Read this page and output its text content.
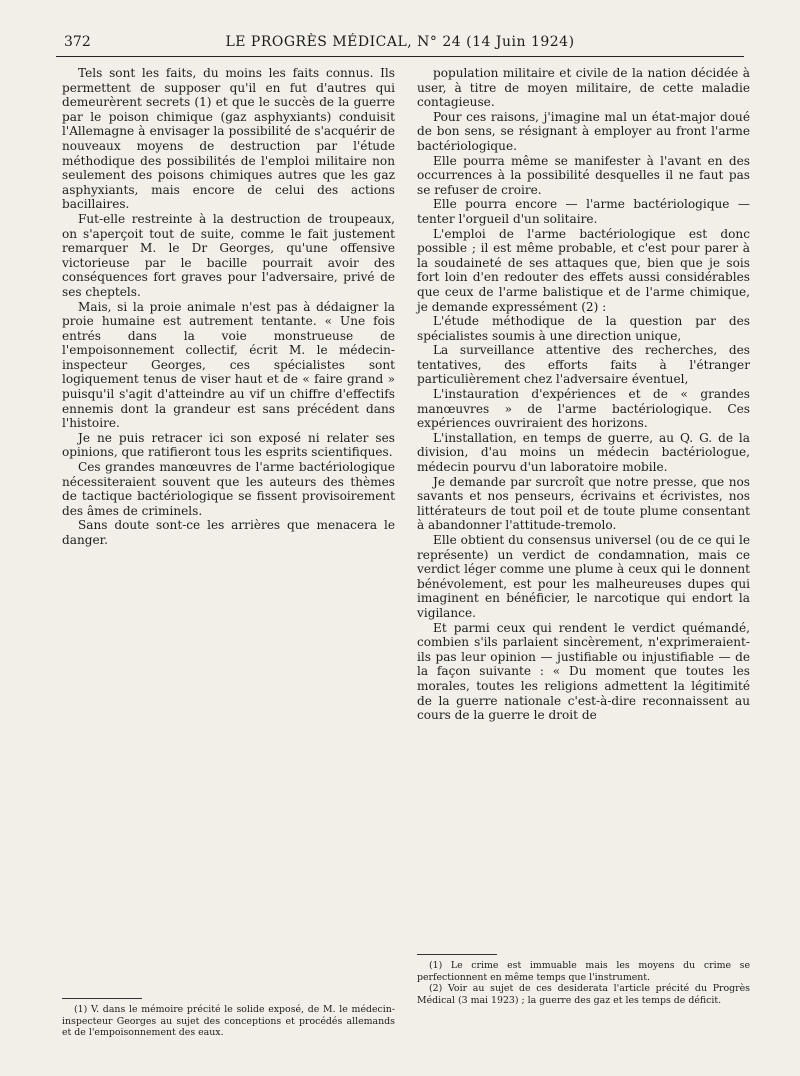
372	LE PROGRÈS MÉDICAL, N° 24 (14 Juin 1924)

Tels sont les faits, du moins les faits connus. Ils permettent de supposer qu'il en fut d'autres qui demeurèrent secrets (1) et que le succès de la guerre par le poison chimique (gaz asphyxiants) conduisit l'Allemagne à envisager la possibilité de s'acquérir de nouveaux moyens de destruction par l'étude méthodique des possibilités de l'emploi militaire non seulement des poisons chimiques autres que les gaz asphyxiants, mais encore de celui des actions bacillaires.

Fut-elle restreinte à la destruction de troupeaux, on s'aperçoit tout de suite, comme le fait justement remarquer M. le Dr Georges, qu'une offensive victorieuse par le bacille pourrait avoir des conséquences fort graves pour l'adversaire, privé de ses cheptels.

Mais, si la proie animale n'est pas à dédaigner la proie humaine est autrement tentante. « Une fois entrés dans la voie monstrueuse de l'empoisonnement collectif, écrit M. le médecin-inspecteur Georges, ces spécialistes sont logiquement tenus de viser haut et de « faire grand » puisqu'il s'agit d'atteindre au vif un chiffre d'effectifs ennemis dont la grandeur est sans précédent dans l'histoire.

Je ne puis retracer ici son exposé ni relater ses opinions, que ratifieront tous les esprits scientifiques.

Ces grandes manœuvres de l'arme bactériologique nécessiteraient souvent que les auteurs des thèmes de tactique bactériologique se fissent provisoirement des âmes de criminels.

Sans doute sont-ce les arrières que menacera le danger.

population militaire et civile de la nation décidée à user, à titre de moyen militaire, de cette maladie contagieuse.

Pour ces raisons, j'imagine mal un état-major doué de bon sens, se résignant à employer au front l'arme bactériologique.

Elle pourra même se manifester à l'avant en des occurrences à la possibilité desquelles il ne faut pas se refuser de croire.

Elle pourra encore — l'arme bactériologique — tenter l'orgueil d'un solitaire.

L'emploi de l'arme bactériologique est donc possible ; il est même probable, et c'est pour parer à la soudaineté de ses attaques que, bien que je sois fort loin d'en redouter des effets aussi considérables que ceux de l'arme balistique et de l'arme chimique, je demande expressément (2) :

L'étude méthodique de la question par des spécialistes soumis à une direction unique,

La surveillance attentive des recherches, des tentatives, des efforts faits à l'étranger particulièrement chez l'adversaire éventuel,

L'instauration d'expériences et de « grandes manœuvres » de l'arme bactériologique. Ces expériences ouvriraient des horizons.

L'installation, en temps de guerre, au Q. G. de la division, d'au moins un médecin bactériologue, médecin pourvu d'un laboratoire mobile.

Je demande par surcroît que notre presse, que nos savants et nos penseurs, écrivains et écrivistes, nos littérateurs de tout poil et de toute plume consentant à abandonner l'attitude-tremolo.

Elle obtient du consensus universel (ou de ce qui le représente) un verdict de condamnation, mais ce verdict léger comme une plume à ceux qui le donnent bénévolement, est pour les malheureuses dupes qui imaginent en bénéficier, le narcotique qui endort la vigilance.

Et parmi ceux qui rendent le verdict quémandé, combien s'ils parlaient sincèrement, n'exprimeraient-ils pas leur opinion — justifiable ou injustifiable — de la façon suivante : « Du moment que toutes les morales, toutes les religions admettent la légitimité de la guerre nationale c'est-à-dire reconnaissent au cours de la guerre le droit de

(1) V. dans le mémoire précité le solide exposé, de M. le médecin-inspecteur Georges au sujet des conceptions et procédés allemands et de l'empoisonnement des eaux.

(1) Le crime est immuable mais les moyens du crime se perfectionnent en même temps que l'instrument.

(2) Voir au sujet de ces desiderata l'article précité du Progrès Médical (3 mai 1923) ; la guerre des gaz et les temps de déficit.
